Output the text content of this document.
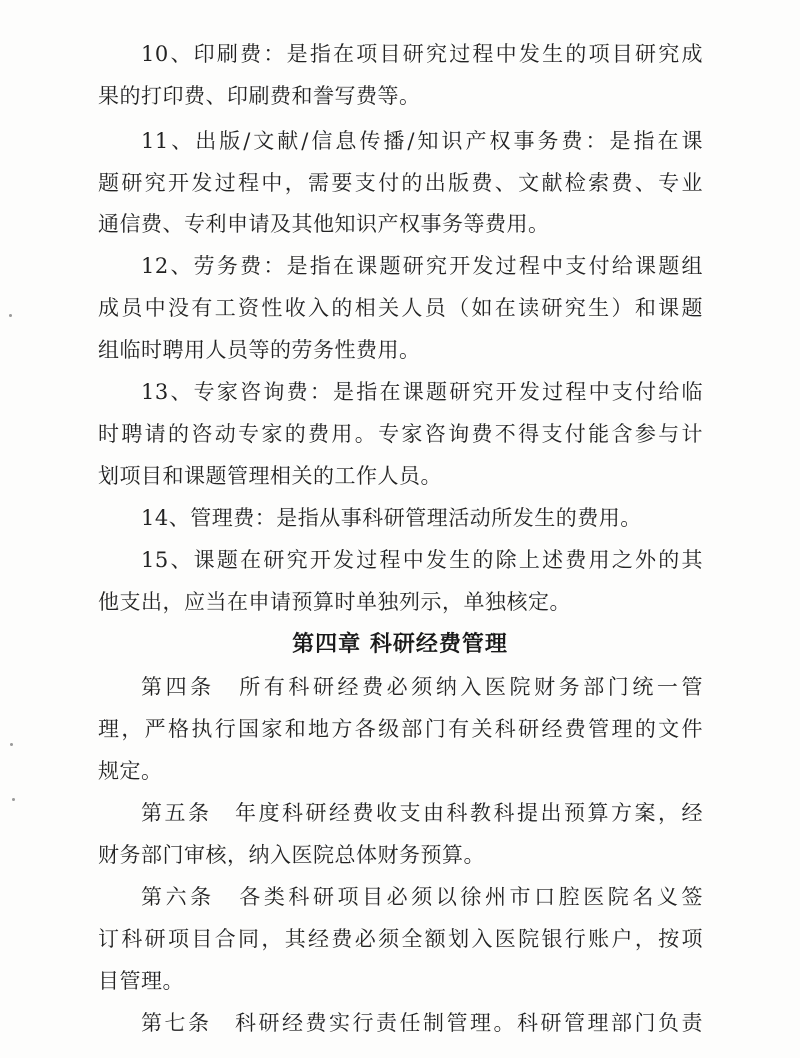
10、印刷费：是指在项目研究过程中发生的项目研究成
果的打印费、印刷费和誊写费等。
11、出版/文献/信息传播/知识产权事务费：是指在课
题研究开发过程中，需要支付的出版费、文献检索费、专业
通信费、专利申请及其他知识产权事务等费用。
12、劳务费：是指在课题研究开发过程中支付给课题组
成员中没有工资性收入的相关人员（如在读研究生）和课题
组临时聘用人员等的劳务性费用。
13、专家咨询费：是指在课题研究开发过程中支付给临
时聘请的咨动专家的费用。专家咨询费不得支付能含参与计
划项目和课题管理相关的工作人员。
14、管理费：是指从事科研管理活动所发生的费用。
15、课题在研究开发过程中发生的除上述费用之外的其
他支出，应当在申请预算时单独列示，单独核定。
第四章 科研经费管理
第四条　所有科研经费必须纳入医院财务部门统一管
理，严格执行国家和地方各级部门有关科研经费管理的文件
规定。
第五条　年度科研经费收支由科教科提出预算方案，经
财务部门审核，纳入医院总体财务预算。
第六条　各类科研项目必须以徐州市口腔医院名义签
订科研项目合同，其经费必须全额划入医院银行账户，按项
目管理。
第七条　科研经费实行责任制管理。科研管理部门负责
